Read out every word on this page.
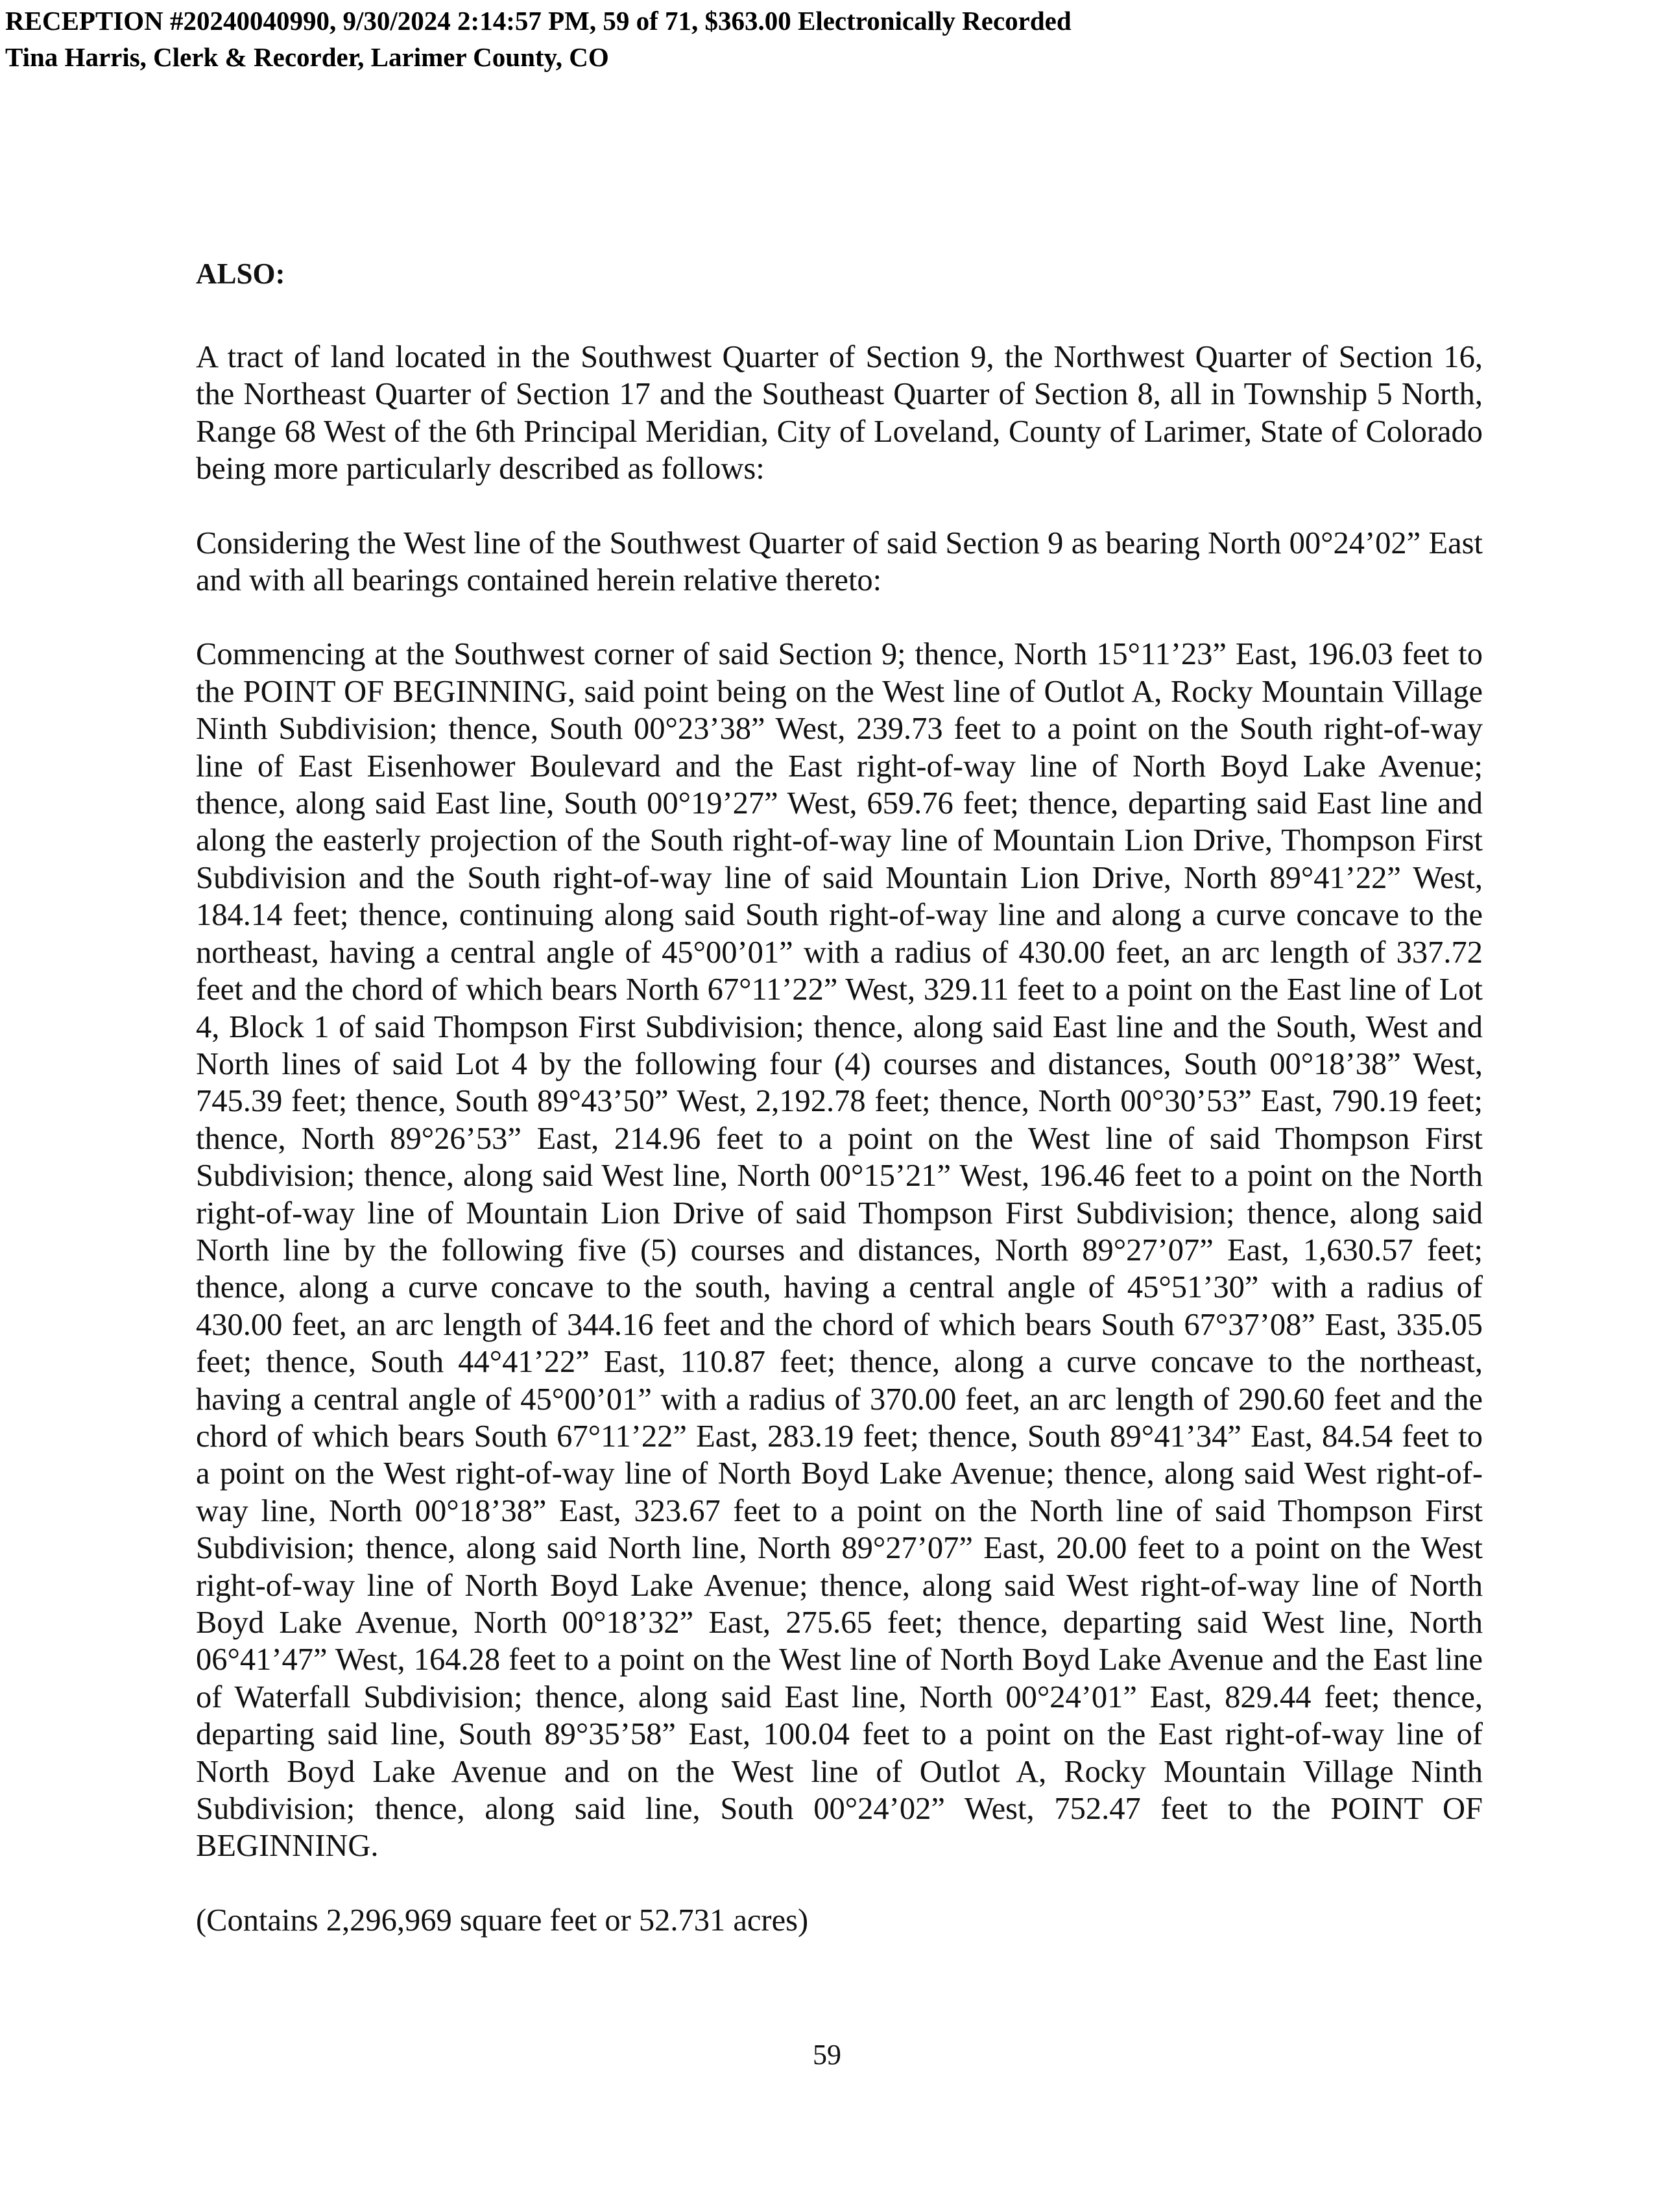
RECEPTION #20240040990, 9/30/2024 2:14:57 PM, 59 of 71, $363.00 Electronically Recorded
Tina Harris, Clerk & Recorder, Larimer County, CO
ALSO:

A tract of land located in the Southwest Quarter of Section 9, the Northwest Quarter of Section 16, the Northeast Quarter of Section 17 and the Southeast Quarter of Section 8, all in Township 5 North, Range 68 West of the 6th Principal Meridian, City of Loveland, County of Larimer, State of Colorado being more particularly described as follows:

Considering the West line of the Southwest Quarter of said Section 9 as bearing North 00°24’02” East and with all bearings contained herein relative thereto:

Commencing at the Southwest corner of said Section 9; thence, North 15°11’23” East, 196.03 feet to the POINT OF BEGINNING, said point being on the West line of Outlot A, Rocky Mountain Village Ninth Subdivision; thence, South 00°23’38” West, 239.73 feet to a point on the South right-of-way line of East Eisenhower Boulevard and the East right-of-way line of North Boyd Lake Avenue; thence, along said East line, South 00°19’27” West, 659.76 feet; thence, departing said East line and along the easterly projection of the South right-of-way line of Mountain Lion Drive, Thompson First Subdivision and the South right-of-way line of said Mountain Lion Drive, North 89°41’22” West, 184.14 feet; thence, continuing along said South right-of-way line and along a curve concave to the northeast, having a central angle of 45°00’01” with a radius of 430.00 feet, an arc length of 337.72 feet and the chord of which bears North 67°11’22” West, 329.11 feet to a point on the East line of Lot 4, Block 1 of said Thompson First Subdivision; thence, along said East line and the South, West and North lines of said Lot 4 by the following four (4) courses and distances, South 00°18’38” West, 745.39 feet; thence, South 89°43’50” West, 2,192.78 feet; thence, North 00°30’53” East, 790.19 feet; thence, North 89°26’53” East, 214.96 feet to a point on the West line of said Thompson First Subdivision; thence, along said West line, North 00°15’21” West, 196.46 feet to a point on the North right-of-way line of Mountain Lion Drive of said Thompson First Subdivision; thence, along said North line by the following five (5) courses and distances, North 89°27’07” East, 1,630.57 feet; thence, along a curve concave to the south, having a central angle of 45°51’30” with a radius of 430.00 feet, an arc length of 344.16 feet and the chord of which bears South 67°37’08” East, 335.05 feet; thence, South 44°41’22” East, 110.87 feet; thence, along a curve concave to the northeast, having a central angle of 45°00’01” with a radius of 370.00 feet, an arc length of 290.60 feet and the chord of which bears South 67°11’22” East, 283.19 feet; thence, South 89°41’34” East, 84.54 feet to a point on the West right-of-way line of North Boyd Lake Avenue; thence, along said West right-of-way line, North 00°18’38” East, 323.67 feet to a point on the North line of said Thompson First Subdivision; thence, along said North line, North 89°27’07” East, 20.00 feet to a point on the West right-of-way line of North Boyd Lake Avenue; thence, along said West right-of-way line of North Boyd Lake Avenue, North 00°18’32” East, 275.65 feet; thence, departing said West line, North 06°41’47” West, 164.28 feet to a point on the West line of North Boyd Lake Avenue and the East line of Waterfall Subdivision; thence, along said East line, North 00°24’01” East, 829.44 feet; thence, departing said line, South 89°35’58” East, 100.04 feet to a point on the East right-of-way line of North Boyd Lake Avenue and on the West line of Outlot A, Rocky Mountain Village Ninth Subdivision; thence, along said line, South 00°24’02” West, 752.47 feet to the POINT OF BEGINNING.

(Contains 2,296,969 square feet or 52.731 acres)

59
